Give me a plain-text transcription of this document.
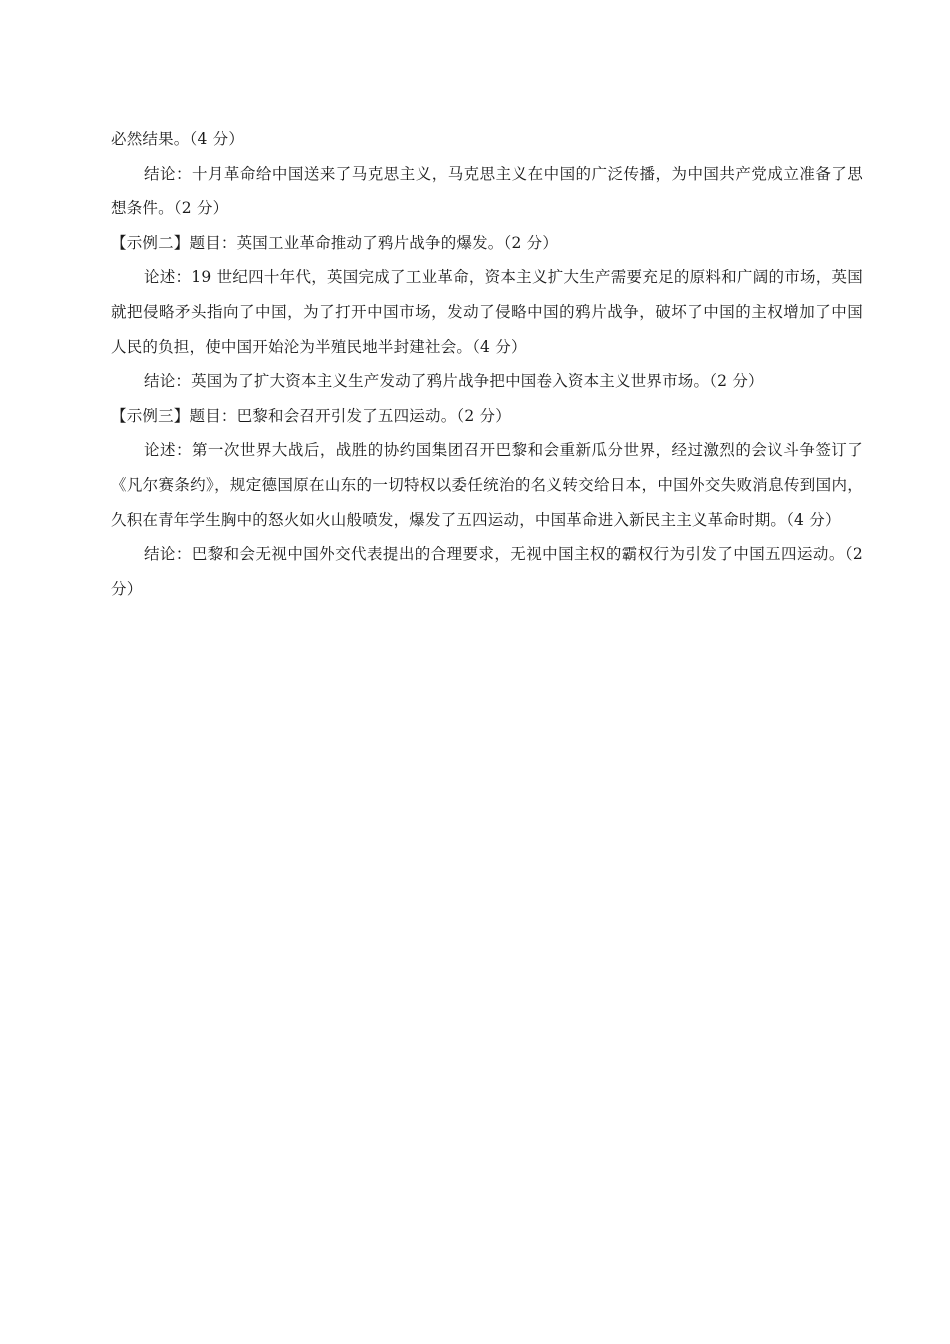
必然结果。（4 分）

结论：十月革命给中国送来了马克思主义，马克思主义在中国的广泛传播，为中国共产党成立准备了思想条件。（2 分）

【示例二】题目：英国工业革命推动了鸦片战争的爆发。（2 分）

论述：19 世纪四十年代，英国完成了工业革命，资本主义扩大生产需要充足的原料和广阔的市场，英国就把侵略矛头指向了中国，为了打开中国市场，发动了侵略中国的鸦片战争，破坏了中国的主权增加了中国人民的负担，使中国开始沦为半殖民地半封建社会。（4 分）

结论：英国为了扩大资本主义生产发动了鸦片战争把中国卷入资本主义世界市场。（2 分）

【示例三】题目：巴黎和会召开引发了五四运动。（2 分）

论述：第一次世界大战后，战胜的协约国集团召开巴黎和会重新瓜分世界，经过激烈的会议斗争签订了《凡尔赛条约》，规定德国原在山东的一切特权以委任统治的名义转交给日本，中国外交失败消息传到国内，久积在青年学生胸中的怒火如火山般喷发，爆发了五四运动，中国革命进入新民主主义革命时期。（4 分）

结论：巴黎和会无视中国外交代表提出的合理要求，无视中国主权的霸权行为引发了中国五四运动。（2 分）
